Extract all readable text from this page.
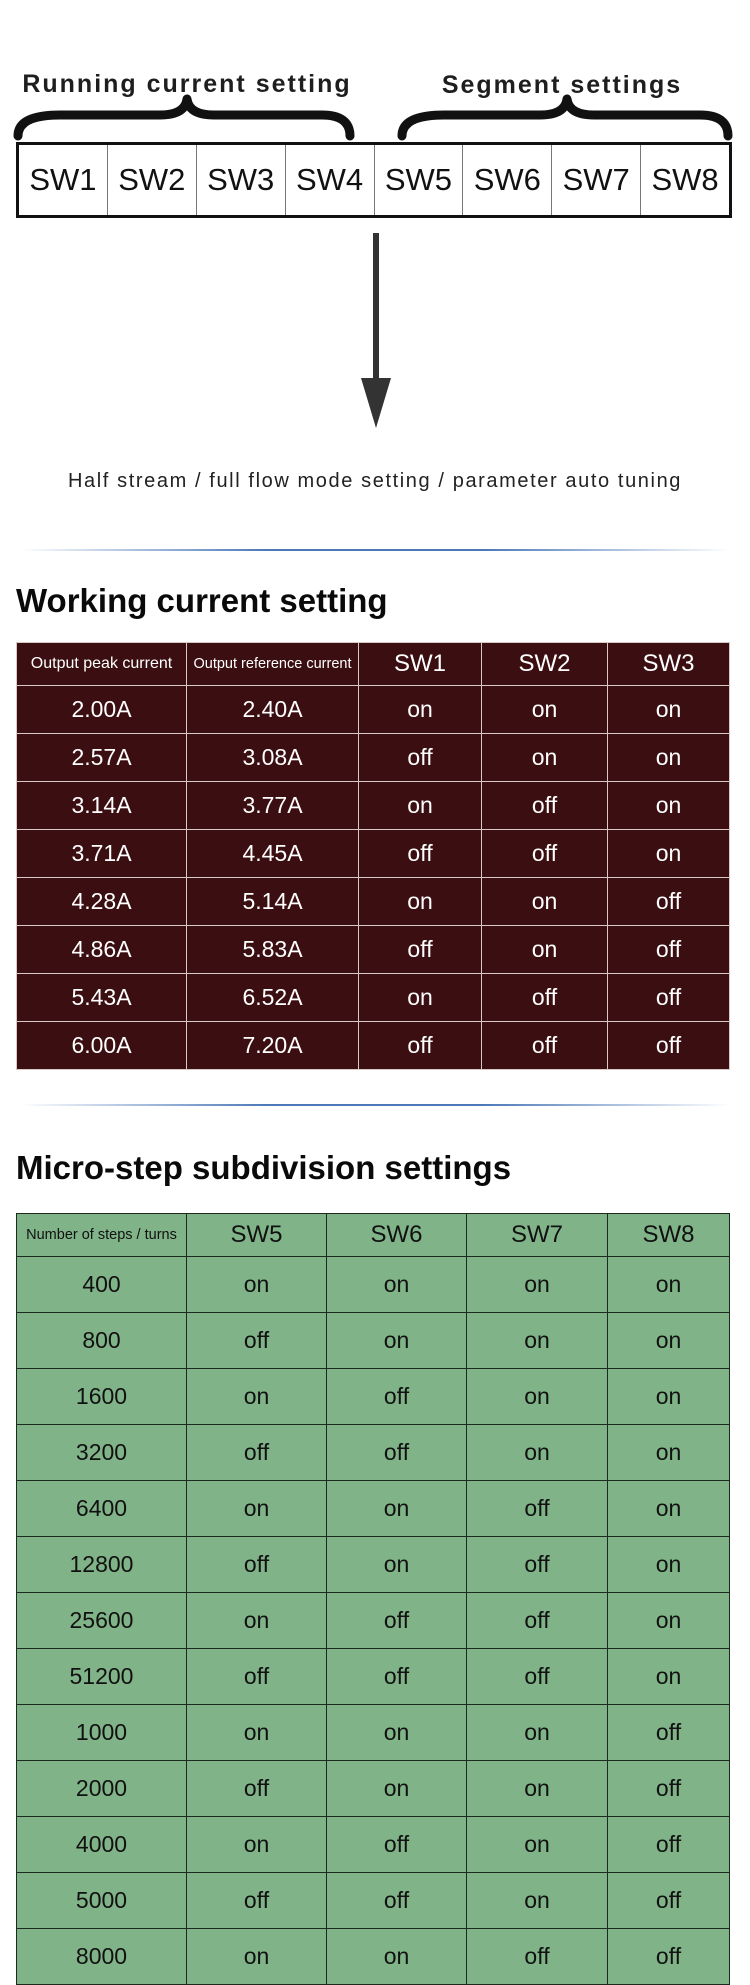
Running current setting	Segment settings
SW1 SW2 SW3 SW4 SW5 SW6 SW7 SW8
Half stream / full flow mode setting / parameter auto tuning
Working current setting
Output peak current	Output reference current	SW1	SW2	SW3
2.00A	2.40A	on	on	on
2.57A	3.08A	off	on	on
3.14A	3.77A	on	off	on
3.71A	4.45A	off	off	on
4.28A	5.14A	on	on	off
4.86A	5.83A	off	on	off
5.43A	6.52A	on	off	off
6.00A	7.20A	off	off	off
Micro-step subdivision settings
Number of steps / turns	SW5	SW6	SW7	SW8
400	on	on	on	on
800	off	on	on	on
1600	on	off	on	on
3200	off	off	on	on
6400	on	on	off	on
12800	off	on	off	on
25600	on	off	off	on
51200	off	off	off	on
1000	on	on	on	off
2000	off	on	on	off
4000	on	off	on	off
5000	off	off	on	off
8000	on	on	off	off
